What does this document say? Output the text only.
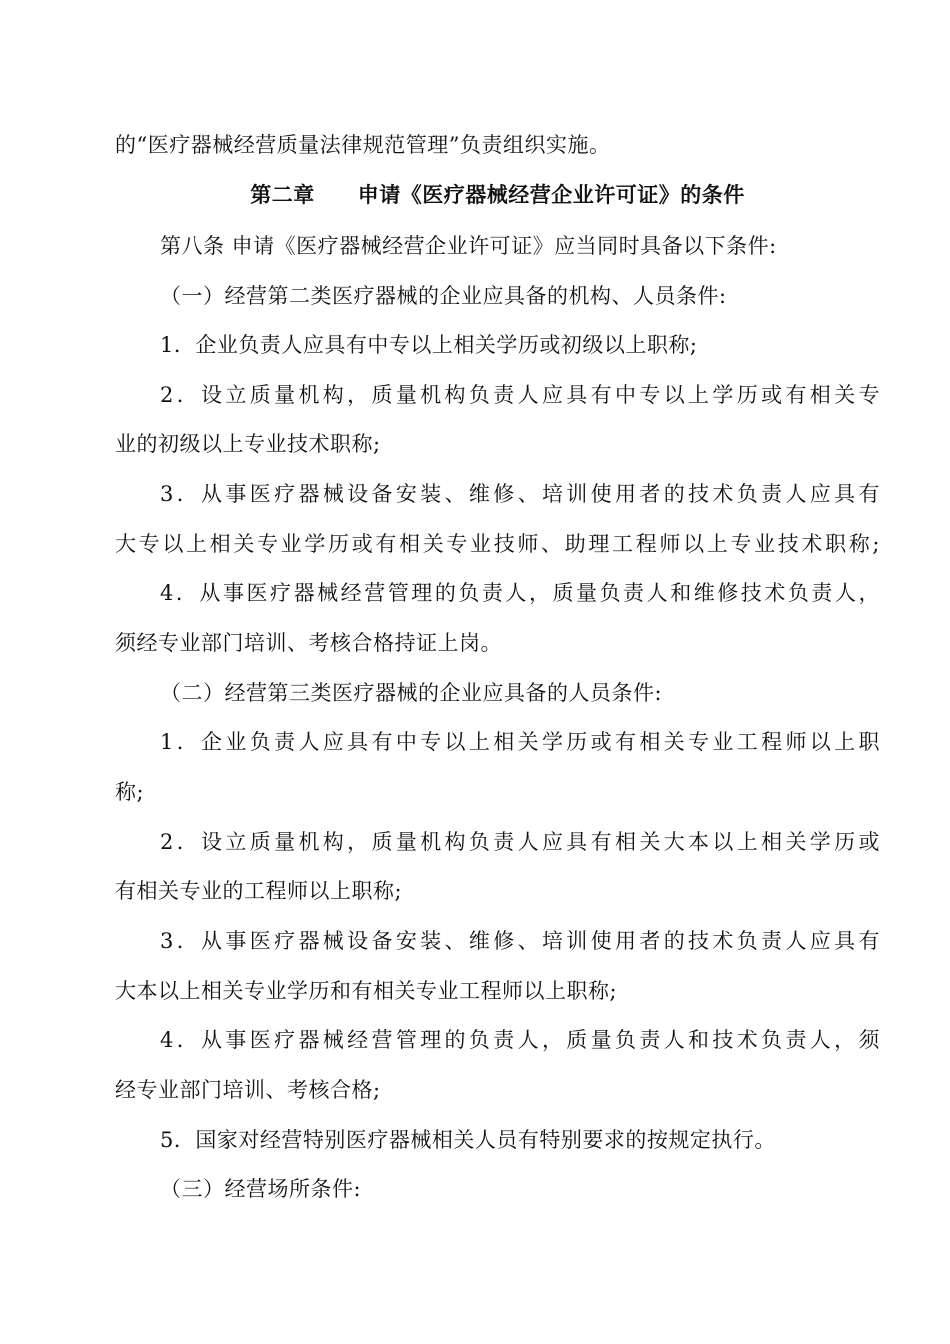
的“医疗器械经营质量法律规范管理”负责组织实施。
第二章　　申请《医疗器械经营企业许可证》的条件
第八条 申请《医疗器械经营企业许可证》应当同时具备以下条件:
（一）经营第二类医疗器械的企业应具备的机构、人员条件:
1．企业负责人应具有中专以上相关学历或初级以上职称;
2．设立质量机构，质量机构负责人应具有中专以上学历或有相关专
业的初级以上专业技术职称;
3．从事医疗器械设备安装、维修、培训使用者的技术负责人应具有
大专以上相关专业学历或有相关专业技师、助理工程师以上专业技术职称;
4．从事医疗器械经营管理的负责人，质量负责人和维修技术负责人，
须经专业部门培训、考核合格持证上岗。
（二）经营第三类医疗器械的企业应具备的人员条件:
1．企业负责人应具有中专以上相关学历或有相关专业工程师以上职
称;
2．设立质量机构，质量机构负责人应具有相关大本以上相关学历或
有相关专业的工程师以上职称;
3．从事医疗器械设备安装、维修、培训使用者的技术负责人应具有
大本以上相关专业学历和有相关专业工程师以上职称;
4．从事医疗器械经营管理的负责人，质量负责人和技术负责人，须
经专业部门培训、考核合格;
5．国家对经营特别医疗器械相关人员有特别要求的按规定执行。
（三）经营场所条件:
